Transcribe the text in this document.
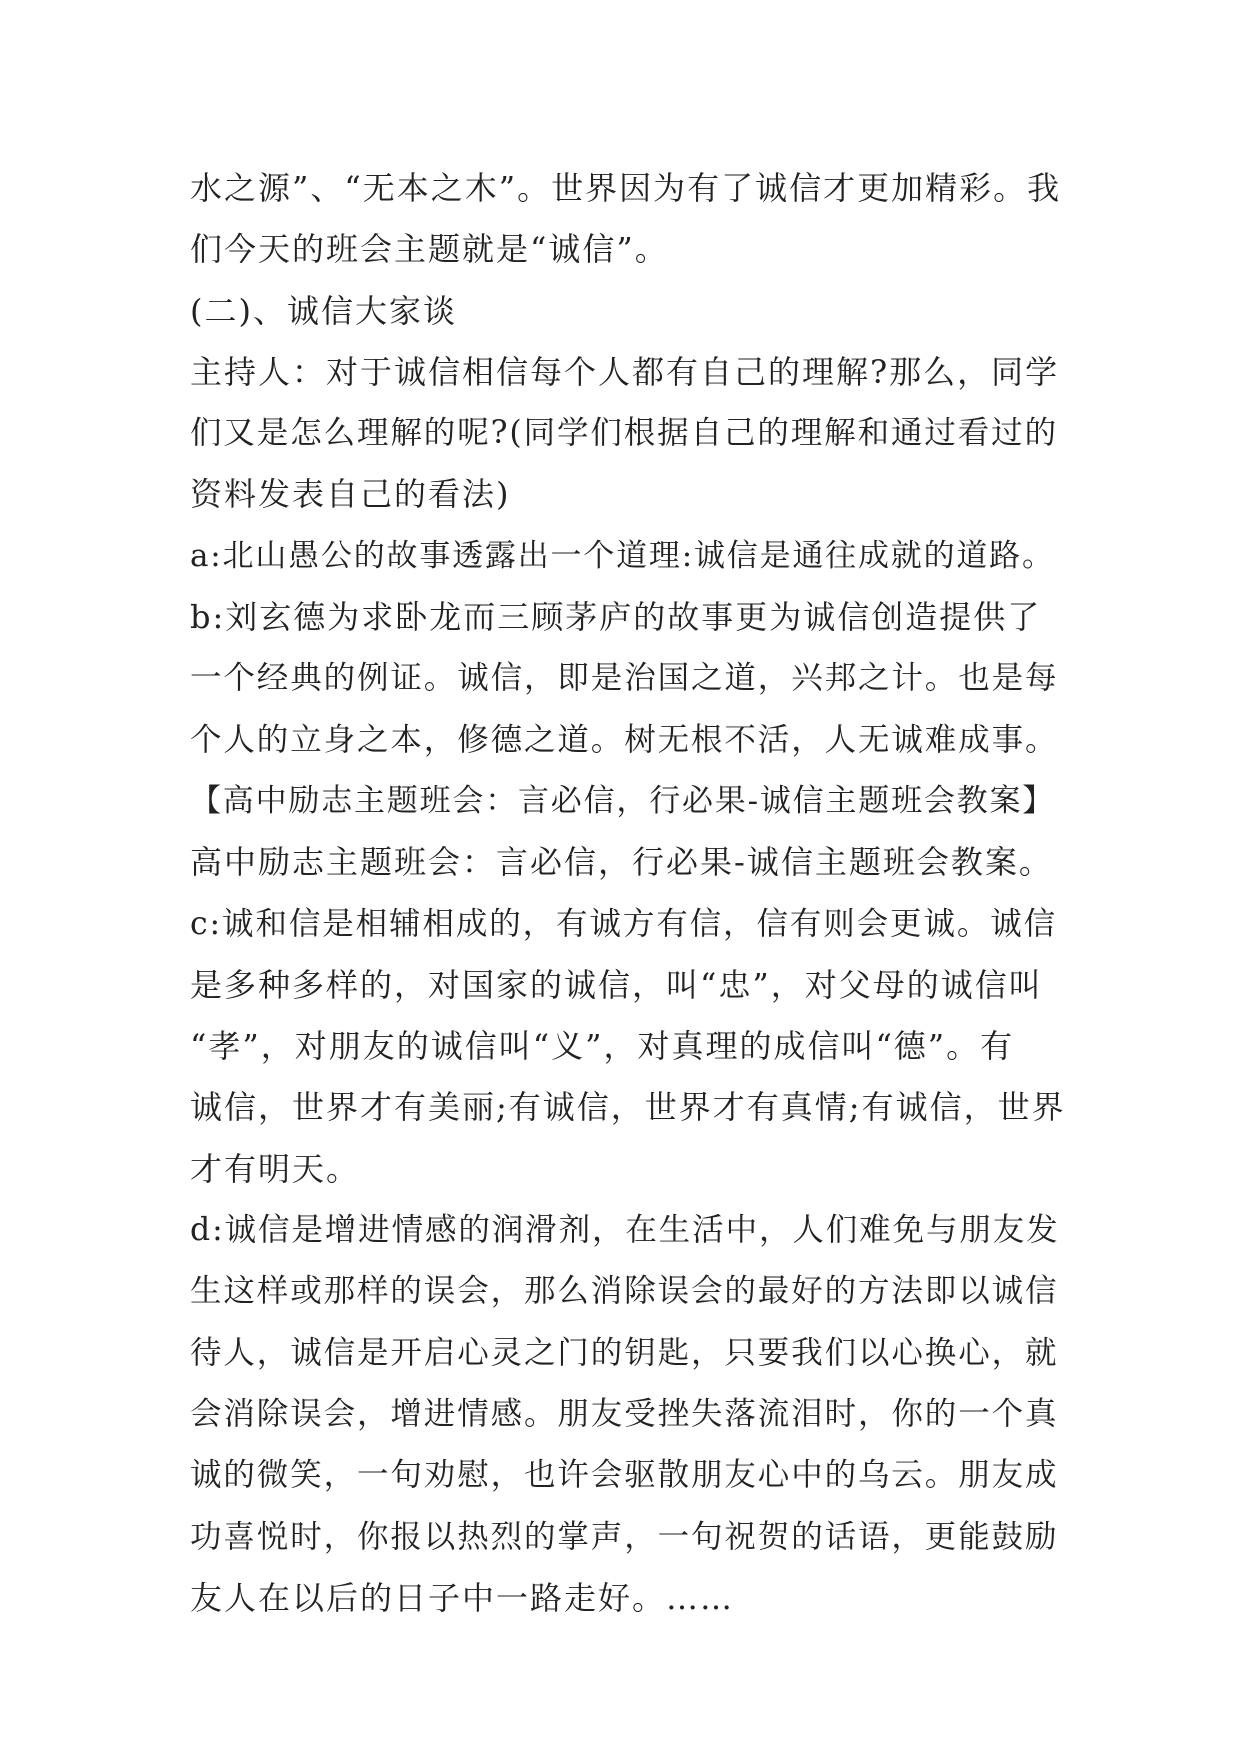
水之源”、“无本之木”。世界因为有了诚信才更加精彩。我
们今天的班会主题就是“诚信”。
(二)、诚信大家谈
主持人：对于诚信相信每个人都有自己的理解?那么，同学
们又是怎么理解的呢?(同学们根据自己的理解和通过看过的
资料发表自己的看法)
a:北山愚公的故事透露出一个道理:诚信是通往成就的道路。
b:刘玄德为求卧龙而三顾茅庐的故事更为诚信创造提供了
一个经典的例证。诚信，即是治国之道，兴邦之计。也是每
个人的立身之本，修德之道。树无根不活，人无诚难成事。
【高中励志主题班会：言必信，行必果-诚信主题班会教案】
高中励志主题班会：言必信，行必果-诚信主题班会教案。
c:诚和信是相辅相成的，有诚方有信，信有则会更诚。诚信
是多种多样的，对国家的诚信，叫“忠”，对父母的诚信叫
“孝”，对朋友的诚信叫“义”，对真理的成信叫“德”。有
诚信，世界才有美丽;有诚信，世界才有真情;有诚信，世界
才有明天。
d:诚信是增进情感的润滑剂，在生活中，人们难免与朋友发
生这样或那样的误会，那么消除误会的最好的方法即以诚信
待人，诚信是开启心灵之门的钥匙，只要我们以心换心，就
会消除误会，增进情感。朋友受挫失落流泪时，你的一个真
诚的微笑，一句劝慰，也许会驱散朋友心中的乌云。朋友成
功喜悦时，你报以热烈的掌声，一句祝贺的话语，更能鼓励
友人在以后的日子中一路走好。……
